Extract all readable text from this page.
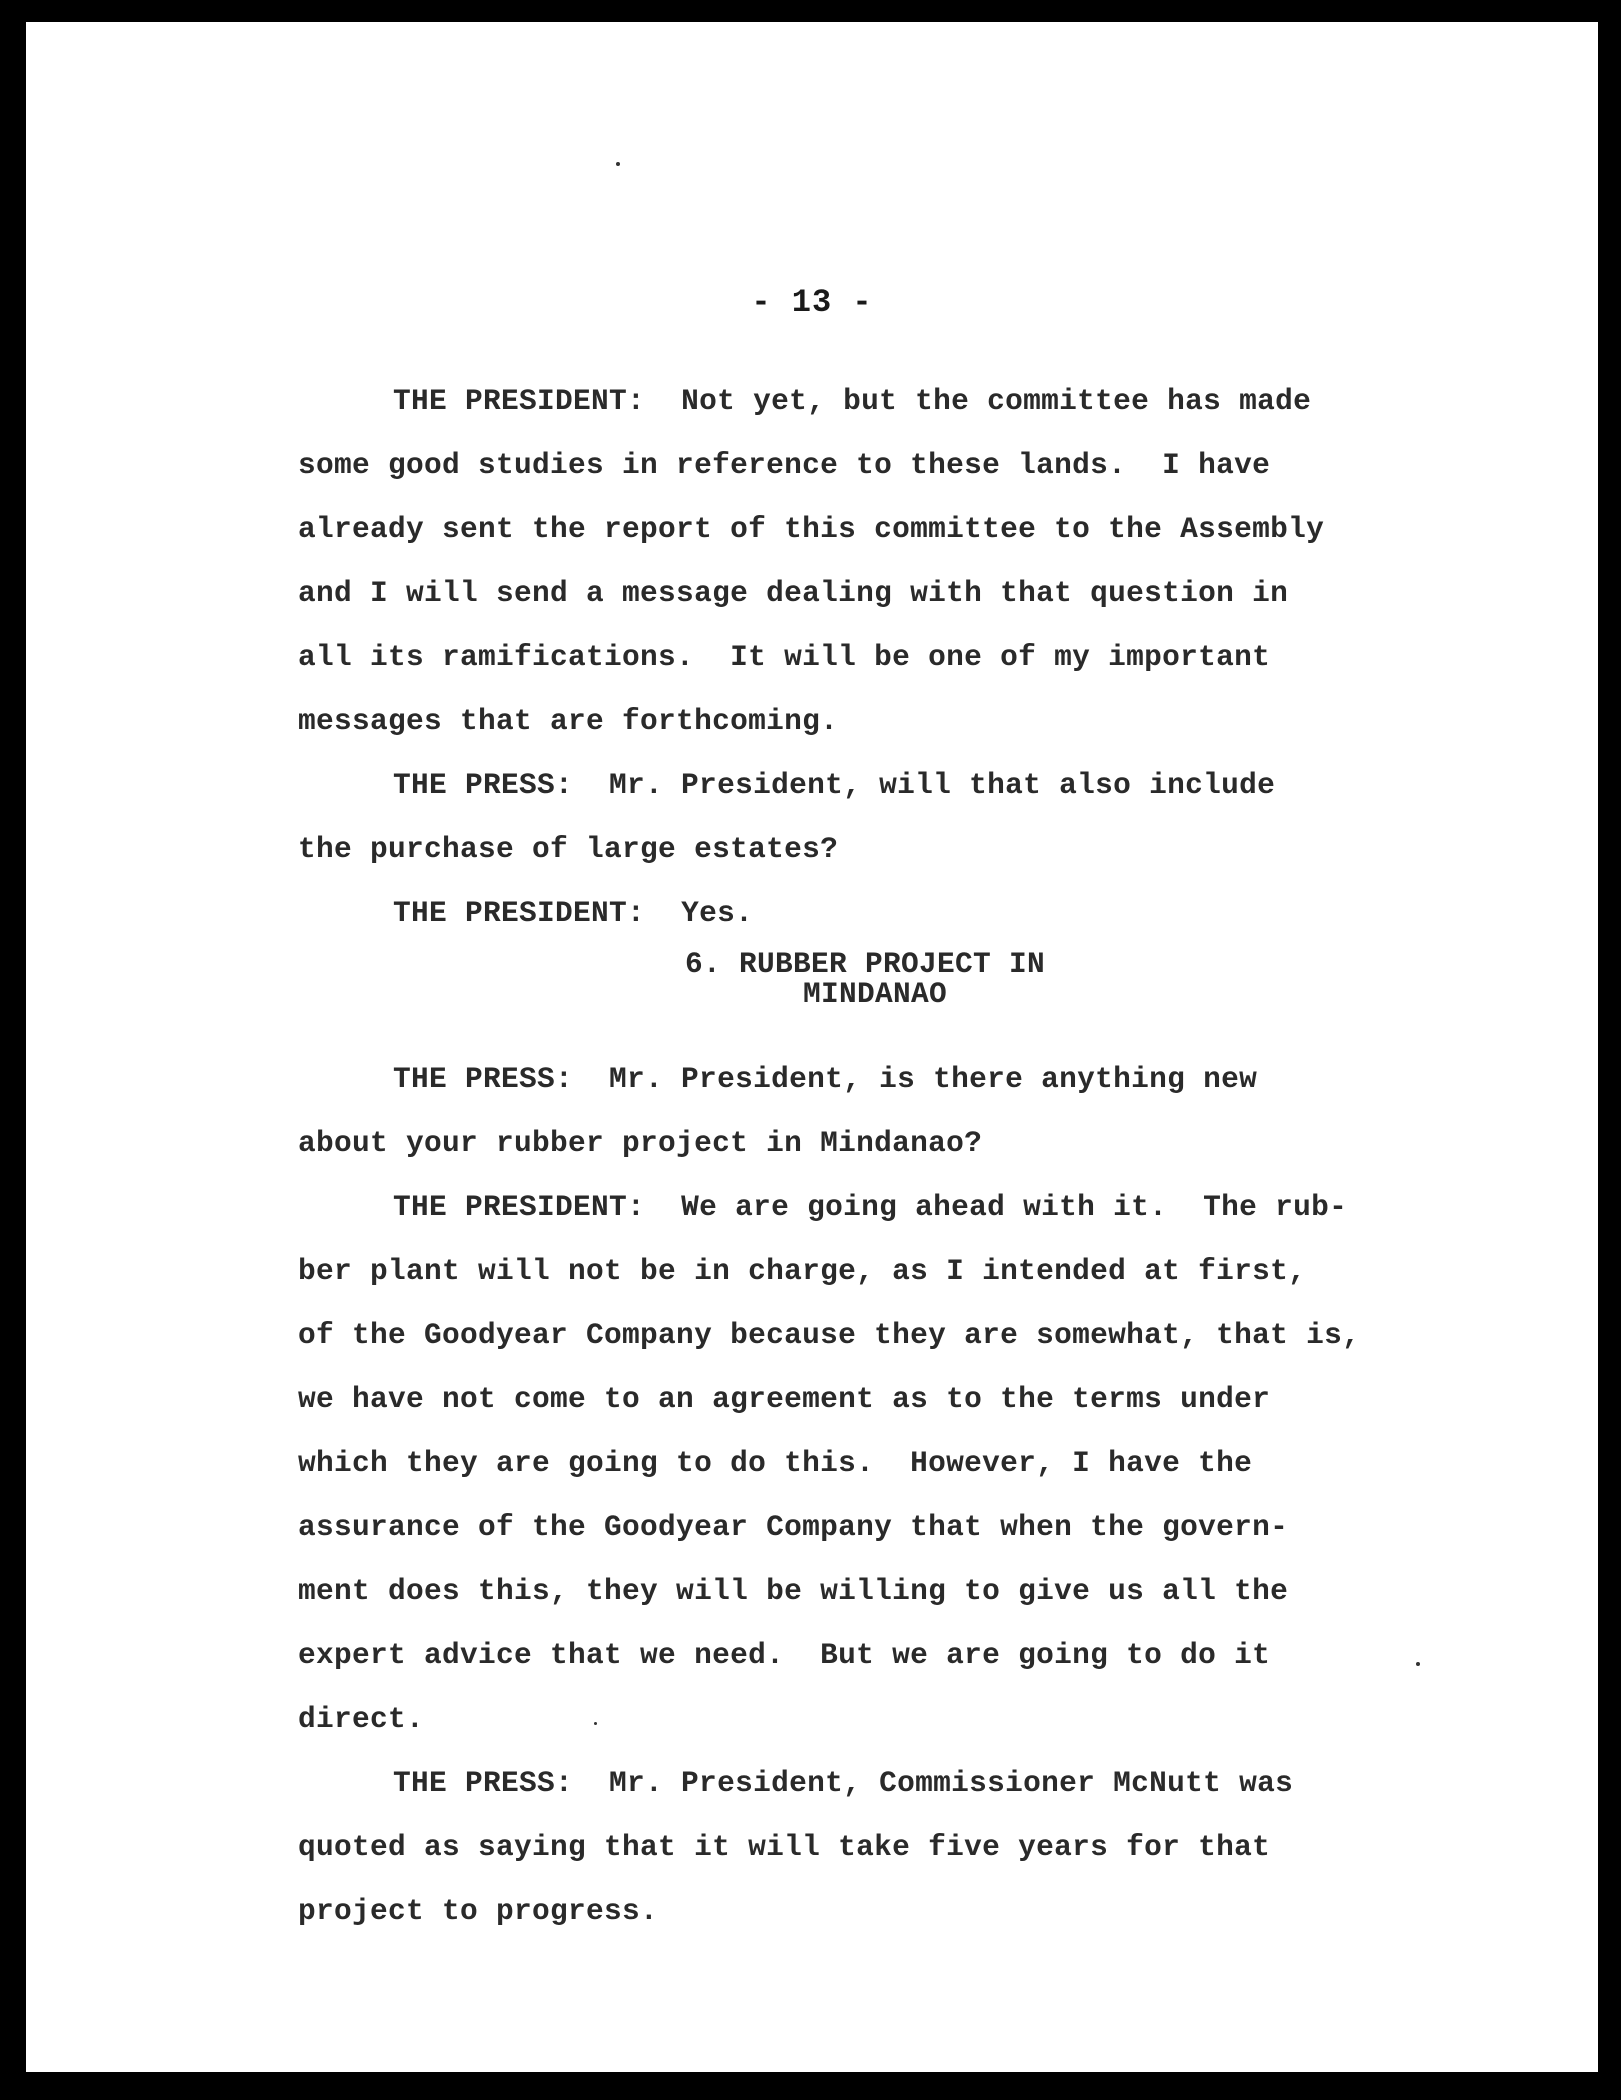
- 13 -
THE PRESIDENT: Not yet, but the committee has made
some good studies in reference to these lands.  I have
already sent the report of this committee to the Assembly
and I will send a message dealing with that question in
all its ramifications.  It will be one of my important
messages that are forthcoming.
THE PRESS: Mr. President, will that also include
the purchase of large estates?
THE PRESIDENT: Yes.
6. RUBBER PROJECT IN
MINDANAO
THE PRESS: Mr. President, is there anything new
about your rubber project in Mindanao?
THE PRESIDENT: We are going ahead with it.  The rub-
ber plant will not be in charge, as I intended at first,
of the Goodyear Company because they are somewhat, that is,
we have not come to an agreement as to the terms under
which they are going to do this.  However, I have the
assurance of the Goodyear Company that when the govern-
ment does this, they will be willing to give us all the
expert advice that we need.  But we are going to do it
direct.
THE PRESS: Mr. President, Commissioner McNutt was
quoted as saying that it will take five years for that
project to progress.
